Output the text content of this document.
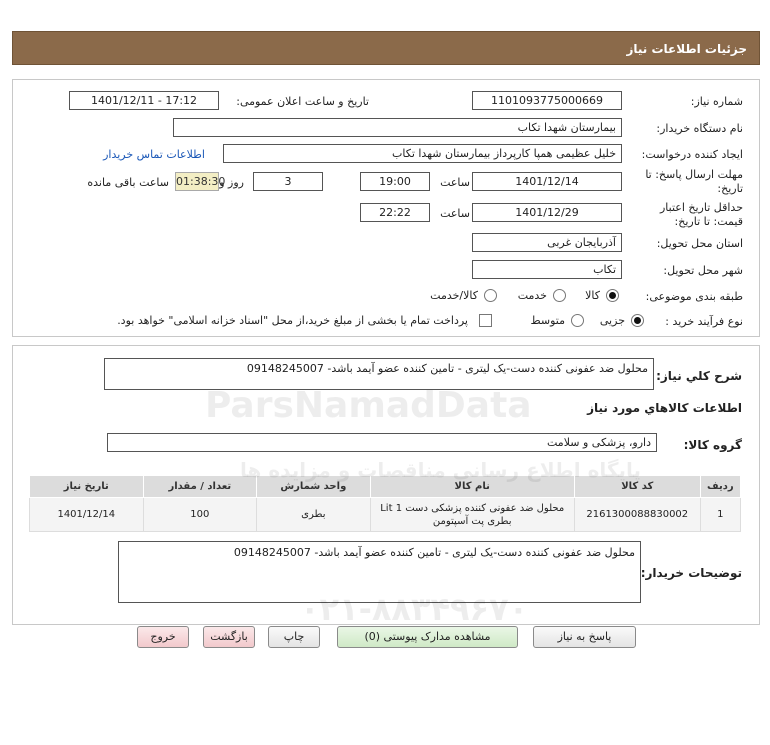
جزئیات اطلاعات نیاز
شماره نیاز:
1101093775000669
تاریخ و ساعت اعلان عمومی:
1401/12/11 - 17:12
نام دستگاه خریدار:
بیمارستان شهدا تکاب
ایجاد کننده درخواست:
خلیل عظیمی همپا کارپرداز بیمارستان شهدا تکاب
اطلاعات تماس خریدار
مهلت ارسال پاسخ: تا
تاریخ:
1401/12/14
ساعت
19:00
3
روز و
01:38:30
ساعت باقی مانده
حداقل تاریخ اعتبار
قیمت: تا تاریخ:
1401/12/29
ساعت
22:22
استان محل تحویل:
آذربایجان غربی
شهر محل تحویل:
تکاب
طبقه بندی موضوعی:
کالا
خدمت
کالا/خدمت
نوع فرآیند خرید :
جزیی
متوسط
پرداخت تمام یا بخشی از مبلغ خرید،از محل "اسناد خزانه اسلامی" خواهد بود.
شرح کلي نياز:
محلول ضد عفونی کننده دست-یک لیتری - تامین کننده عضو آیمد باشد- 09148245007
اطلاعات كالاهاي مورد نياز
گروه كالا:
دارو، پزشکی و سلامت
ردیف	کد کالا	نام کالا	واحد شمارش	تعداد / مقدار	تاریخ نیاز
1	2161300088830002	محلول ضد عفونی کننده پزشکی دست 1 Lit بطری پت آسپتومن	بطری	100	1401/12/14
توضیحات خریدار:
محلول ضد عفونی کننده دست-یک لیتری - تامین کننده عضو آیمد باشد- 09148245007
پاسخ به نیاز
مشاهده مدارک پیوستی (0)
چاپ
بازگشت
خروج
